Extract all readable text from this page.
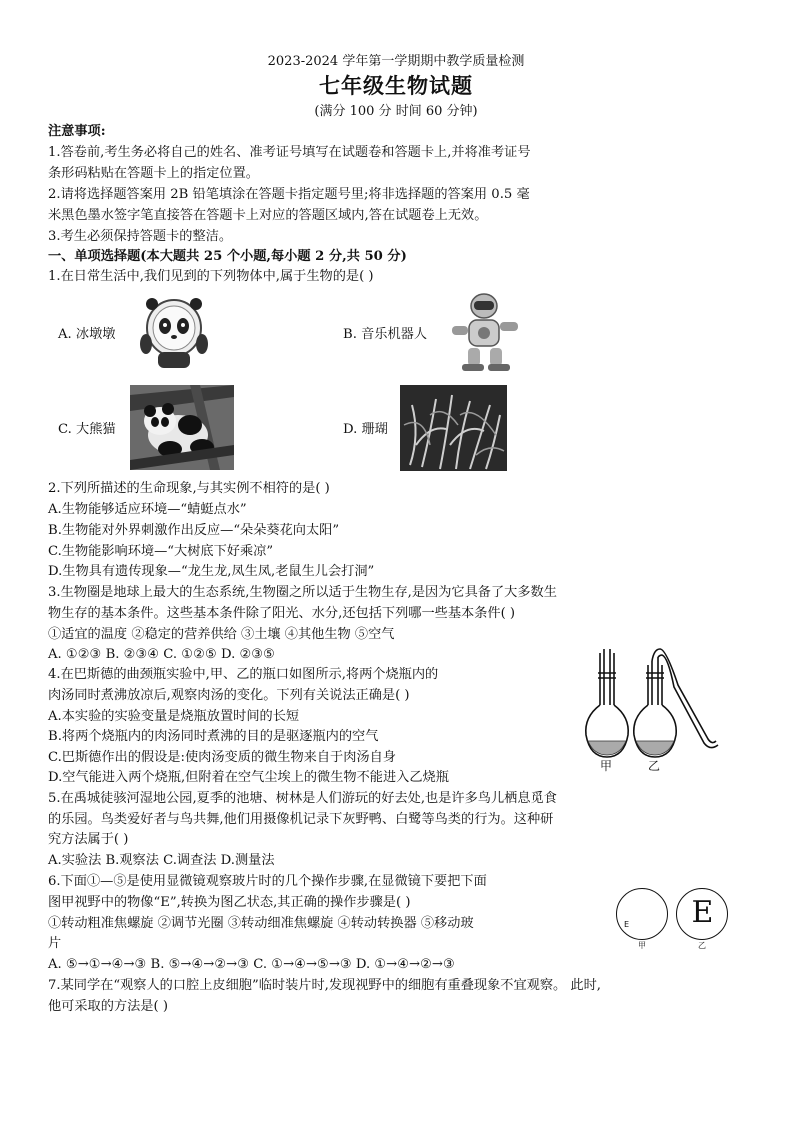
2023-2024 学年第一学期期中教学质量检测
七年级生物试题
(满分 100 分 时间 60 分钟)
注意事项:
1.答卷前,考生务必将自己的姓名、准考证号填写在试题卷和答题卡上,并将准考证号
条形码粘贴在答题卡上的指定位置。
2.请将选择题答案用 2B 铅笔填涂在答题卡指定题号里;将非选择题的答案用 0.5 毫
米黑色墨水签字笔直接答在答题卡上对应的答题区域内,答在试题卷上无效。
3.考生必须保持答题卡的整洁。
一、单项选择题(本大题共 25 个小题,每小题 2 分,共 50 分)
1.在日常生活中,我们见到的下列物体中,属于生物的是( )
A. 冰墩墩	B. 音乐机器人
C. 大熊猫	D. 珊瑚
2.下列所描述的生命现象,与其实例不相符的是( )
A.生物能够适应环境—“蜻蜓点水”
B.生物能对外界刺激作出反应—“朵朵葵花向太阳”
C.生物能影响环境—“大树底下好乘凉”
D.生物具有遗传现象—“龙生龙,凤生凤,老鼠生儿会打洞”
3.生物圈是地球上最大的生态系统,生物圈之所以适于生物生存,是因为它具备了大多数生
物生存的基本条件。这些基本条件除了阳光、水分,还包括下列哪一些基本条件( )
①适宜的温度 ②稳定的营养供给 ③土壤 ④其他生物 ⑤空气
A. ①②③ B. ②③④ C. ①②⑤ D. ②③⑤
4.在巴斯德的曲颈瓶实验中,甲、乙的瓶口如图所示,将两个烧瓶内的
肉汤同时煮沸放凉后,观察肉汤的变化。下列有关说法正确是( )
A.本实验的实验变量是烧瓶放置时间的长短
B.将两个烧瓶内的肉汤同时煮沸的目的是驱逐瓶内的空气
C.巴斯德作出的假设是:使肉汤变质的微生物来自于肉汤自身
D.空气能进入两个烧瓶,但附着在空气尘埃上的微生物不能进入乙烧瓶
甲	乙
5.在禹城徒骇河湿地公园,夏季的池塘、树林是人们游玩的好去处,也是许多鸟儿栖息觅食
的乐园。鸟类爱好者与鸟共舞,他们用摄像机记录下灰野鸭、白鹭等鸟类的行为。这种研
究方法属于( )
A.实验法 B.观察法 C.调查法 D.测量法
6.下面①—⑤是使用显微镜观察玻片时的几个操作步骤,在显微镜下要把下面
图甲视野中的物像“E”,转换为图乙状态,其正确的操作步骤是( )
①转动粗准焦螺旋 ②调节光圈 ③转动细准焦螺旋 ④转动转换器 ⑤移动玻
片
A. ⑤→①→④→③ B. ⑤→④→②→③ C. ①→④→⑤→③ D. ①→④→②→③
E	E
甲	乙
7.某同学在“观察人的口腔上皮细胞”临时装片时,发现视野中的细胞有重叠现象不宜观察。 此时,
他可采取的方法是( )
